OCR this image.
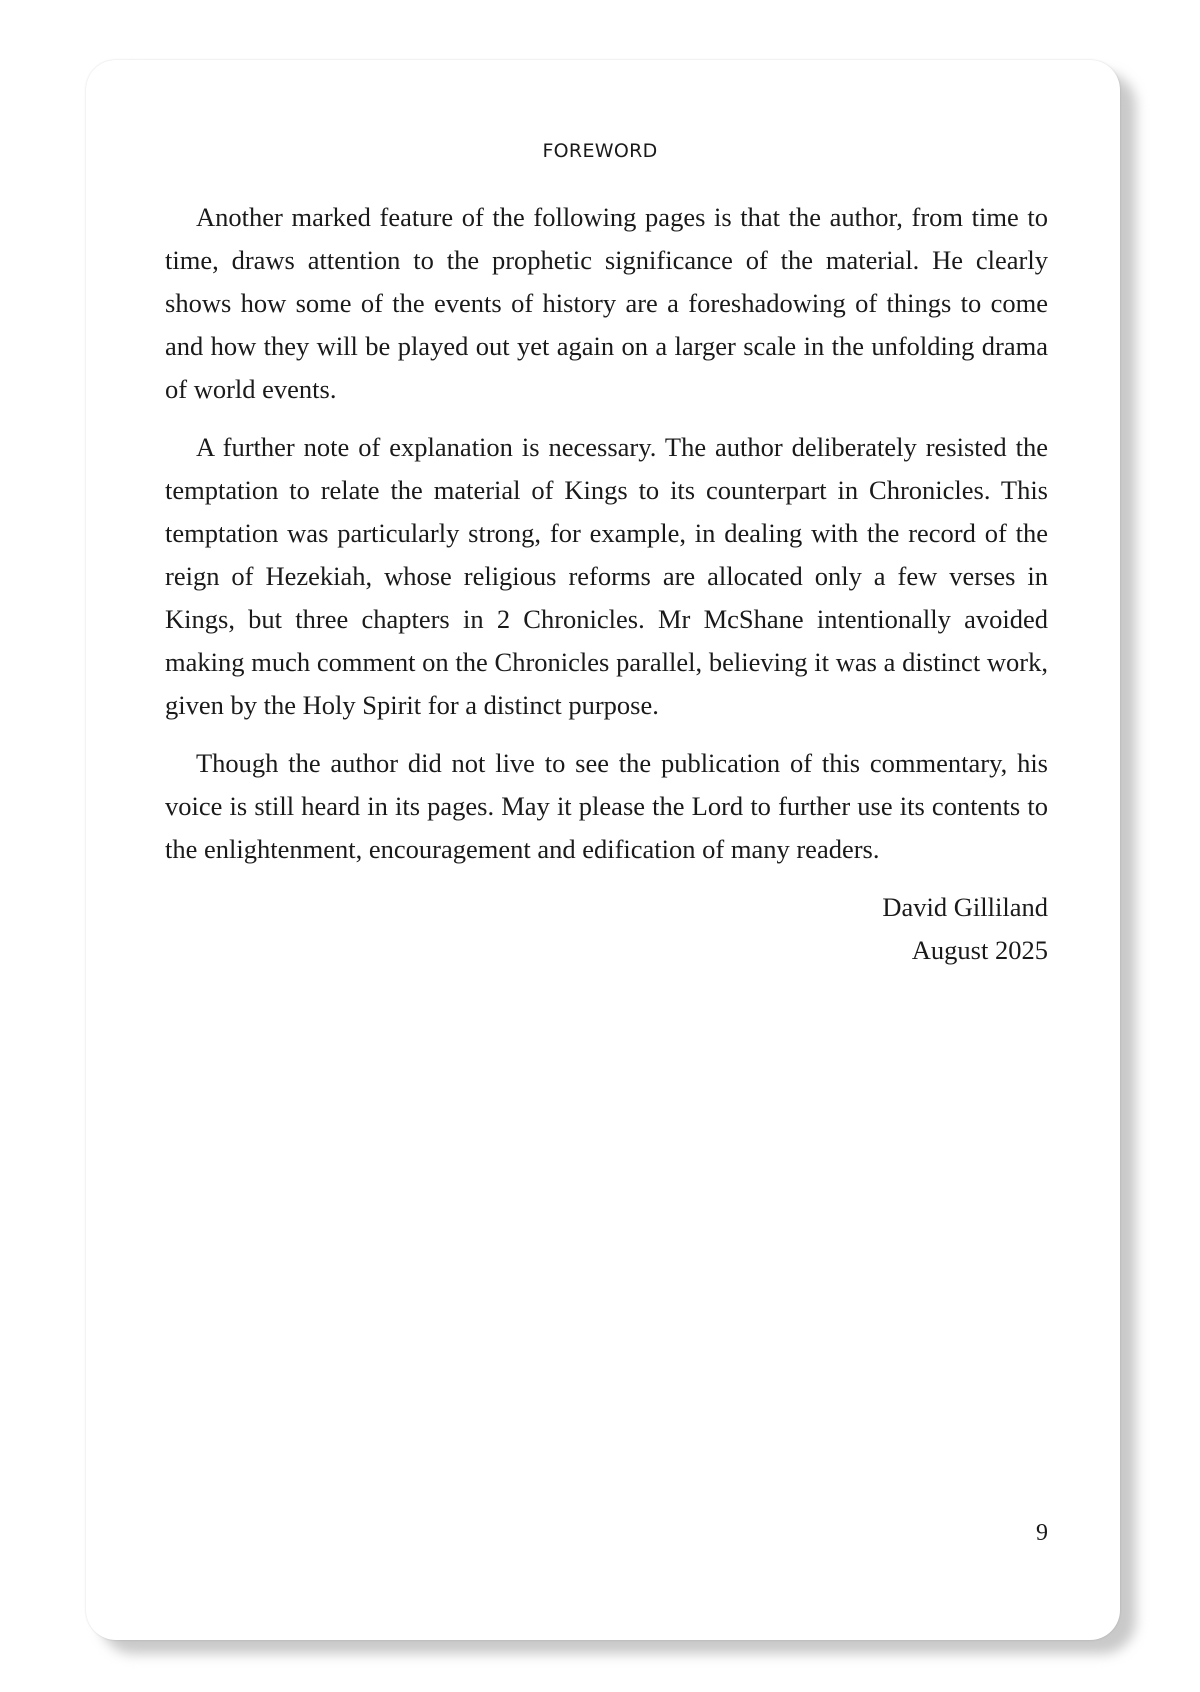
FOREWORD

Another marked feature of the following pages is that the author, from time to time, draws attention to the prophetic significance of the material. He clearly shows how some of the events of history are a foreshadowing of things to come and how they will be played out yet again on a larger scale in the unfolding drama of world events.

A further note of explanation is necessary. The author deliberately resisted the temptation to relate the material of Kings to its counterpart in Chronicles. This temptation was particularly strong, for example, in dealing with the record of the reign of Hezekiah, whose religious reforms are allocated only a few verses in Kings, but three chapters in 2 Chronicles. Mr McShane intentionally avoided making much comment on the Chronicles parallel, believing it was a distinct work, given by the Holy Spirit for a distinct purpose.

Though the author did not live to see the publication of this commentary, his voice is still heard in its pages. May it please the Lord to further use its contents to the enlightenment, encouragement and edification of many readers.

David Gilliland
August 2025
9
